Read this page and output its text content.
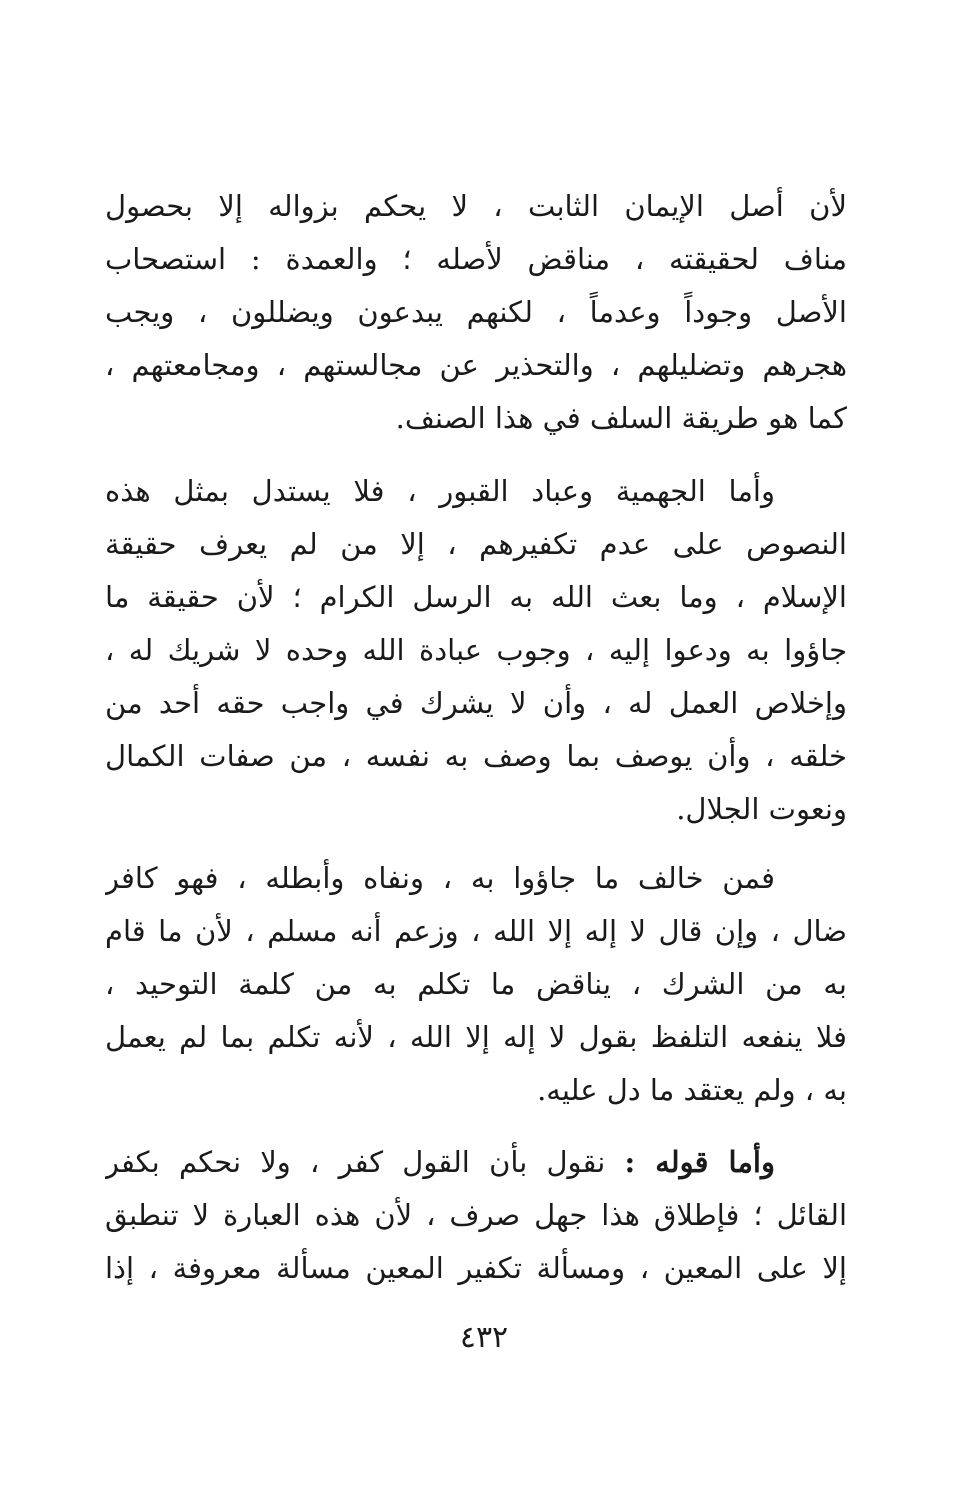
لأن أصل الإيمان الثابت ، لا يحكم بزواله إلا بحصول
مناف لحقيقته ، مناقض لأصله ؛ والعمدة : استصحاب
الأصل وجوداً وعدماً ، لكنهم يبدعون ويضللون ، ويجب
هجرهم وتضليلهم ، والتحذير عن مجالستهم ، ومجامعتهم ،
كما هو طريقة السلف في هذا الصنف.
وأما الجهمية وعباد القبور ، فلا يستدل بمثل هذه
النصوص على عدم تكفيرهم ، إلا من لم يعرف حقيقة
الإسلام ، وما بعث الله به الرسل الكرام ؛ لأن حقيقة ما
جاؤوا به ودعوا إليه ، وجوب عبادة الله وحده لا شريك له ،
وإخلاص العمل له ، وأن لا يشرك في واجب حقه أحد من
خلقه ، وأن يوصف بما وصف به نفسه ، من صفات الكمال
ونعوت الجلال.
فمن خالف ما جاؤوا به ، ونفاه وأبطله ، فهو كافر
ضال ، وإن قال لا إله إلا الله ، وزعم أنه مسلم ، لأن ما قام
به من الشرك ، يناقض ما تكلم به من كلمة التوحيد ،
فلا ينفعه التلفظ بقول لا إله إلا الله ، لأنه تكلم بما لم يعمل
به ، ولم يعتقد ما دل عليه.
وأما قوله : نقول بأن القول كفر ، ولا نحكم بكفر
القائل ؛ فإطلاق هذا جهل صرف ، لأن هذه العبارة لا تنطبق
إلا على المعين ، ومسألة تكفير المعين مسألة معروفة ، إذا
٤٣٢
